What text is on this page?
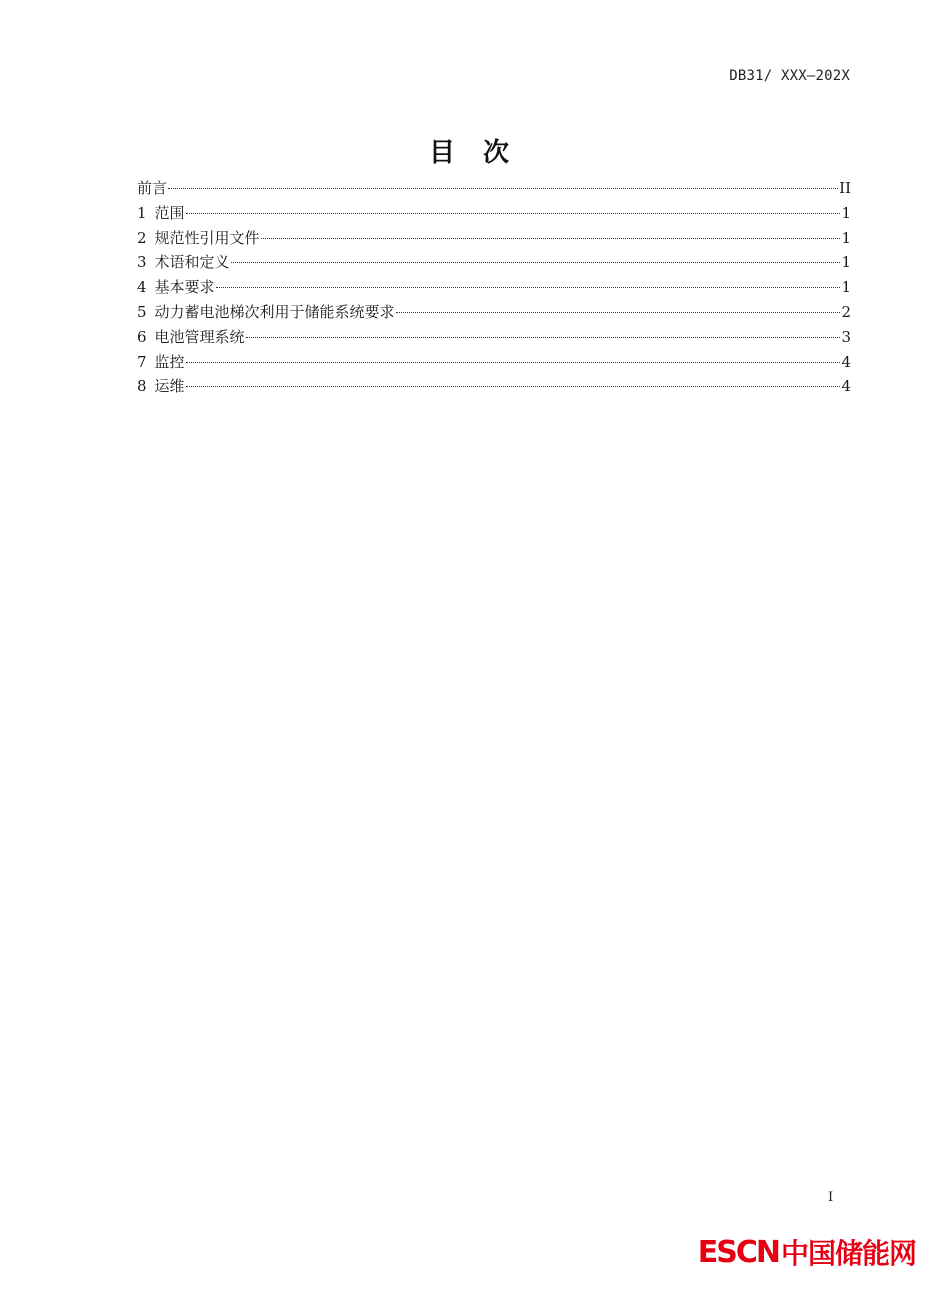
DB31/ XXX—202X
目 次
前言	II
1 范围	1
2 规范性引用文件	1
3 术语和定义	1
4 基本要求	1
5 动力蓄电池梯次利用于储能系统要求	2
6 电池管理系统	3
7 监控	4
8 运维	4
I
ESCN 中国储能网
